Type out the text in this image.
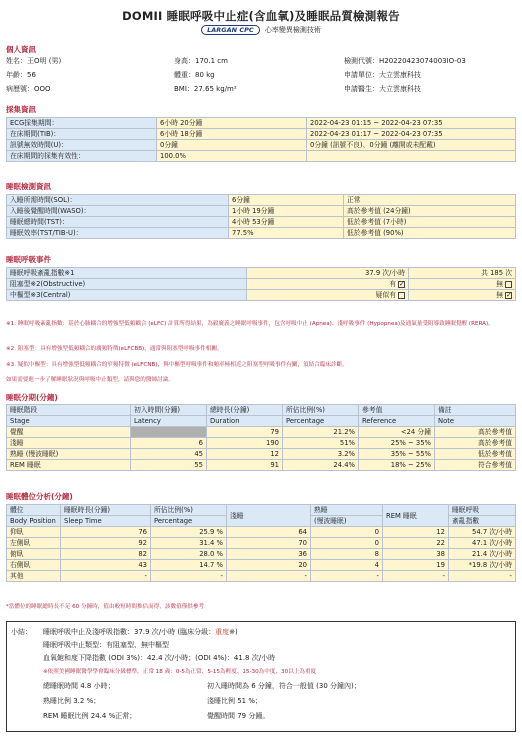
DOMII 睡眠呼吸中止症(含血氧)及睡眠品質檢測報告
LARGAN CPC 心率變異檢測技術
個人資訊
姓名：王O明 (男)	身高：170.1 cm	檢測代號：H20220423074003IO-03
年齡：56	體重：80 kg	申請單位：大立雲康科技
病歷號：OOO	BMI：27.65 kg/m²	申請醫生：大立雲康科技
採集資訊
ECG採集期間：	6小時 20分鐘	2022-04-23 01:15 ~ 2022-04-23 07:35
在床期間(TIB)：	6小時 18分鐘	2022-04-23 01:17 ~ 2022-04-23 07:35
訊號無效時間(U)：	0分鐘	0分鐘 (訊號不良)、0分鐘 (離開或未配戴)
在床期間的採集有效性：	100.0%	
睡眠檢測資訊
入睡所需時間(SOL)：	6分鐘	正常
入睡後覺醒時間(WASO)：	1小時 19分鐘	高於參考值 (24分鐘)
睡眠總時間(TST)：	4小時 53分鐘	低於參考值 (7小時)
睡眠效率(TST/TIB-U)：	77.5%	低於參考值 (90%)
睡眠呼吸事件
睡眠呼吸紊亂指數※1	37.9 次/小時	共 185 次
阻塞型※2(Obstructive)	有✓	無
中樞型※3(Central)	疑似有	無✓
※1. 睡眠呼吸紊亂指數：基於心肺耦合的增強型低頻耦合 (eLFC) 計算所得結果，為毅廣義之睡眠呼吸事件，包含呼吸中止 (Apnea)、淺呼吸事件 (Hypopnea)及通氣量受阻導致睡眠覺醒 (RERA)。
※2. 阻塞型：具有增強型低頻耦合的廣頻特徵(eLFCBB)，通常與阻塞型呼吸事件相關。
※3. 疑似中樞型：具有增強型低頻耦合的窄頻特徵 (eLFCNB)，與中樞型呼吸事件和頻率極相近之阻塞型呼吸事件有關，須結合臨床診斷。
如果需要進一步了解睡眠狀況與呼吸中止類型，請與您的醫師討論。
睡眠分期(分鐘)
睡眠階段	初入時間(分鐘)	總時長(分鐘)	所佔比例(%)	參考值	備註
Stage	Latency	Duration	Percentage	Reference	Note
覺醒		79	21.2%	<24 分鐘	高於參考值
淺睡	6	190	51%	25% ~ 35%	高於參考值
熟睡 (慢波睡眠)	45	12	3.2%	35% ~ 55%	低於參考值
REM 睡眠	55	91	24.4%	18% ~ 25%	符合參考值
睡眠體位分析(分鐘)
體位	睡眠時長(分鐘)	所佔比例(%)	淺睡	熟睡	REM 睡眠	睡眠呼吸
Body Position	Sleep Time	Percentage		(慢波睡眠)		紊亂指數
仰臥	76	25.9 %	64	0	12	54.7 次/小時
左側臥	92	31.4 %	70	0	22	47.1 次/小時
俯臥	82	28.0 %	36	8	38	21.4 次/小時
右側臥	43	14.7 %	20	4	19	*19.8 次/小時
其他	-	-	-	-	-	-
*當體位的睡眠總時長不足 60 分鐘時，值由較短時間推估而得，該數值僅供參考
小結： 睡眠呼吸中止及淺呼吸指數：37.9 次/小時 (臨床分級：重度※)
睡眠呼吸中止類型：有阻塞型、無中樞型
血氧飽和度下降指數 (ODI 3%)：42.4 次/小時；(ODI 4%)：41.8 次/小時
※依照美國睡眠醫學學會臨床分級標準，正常 18 歲：0-5為正常、5-15為輕度、15-30為中度、30以上為重度
總睡眠時間 4.8 小時；	初入睡時間為 6 分鐘，符合一般值 (30 分鐘內)；
熟睡比例 3.2 %；	淺睡比例 51 %；
REM 睡眠比例 24.4 %正常；	覺醒時間 79 分鐘。
